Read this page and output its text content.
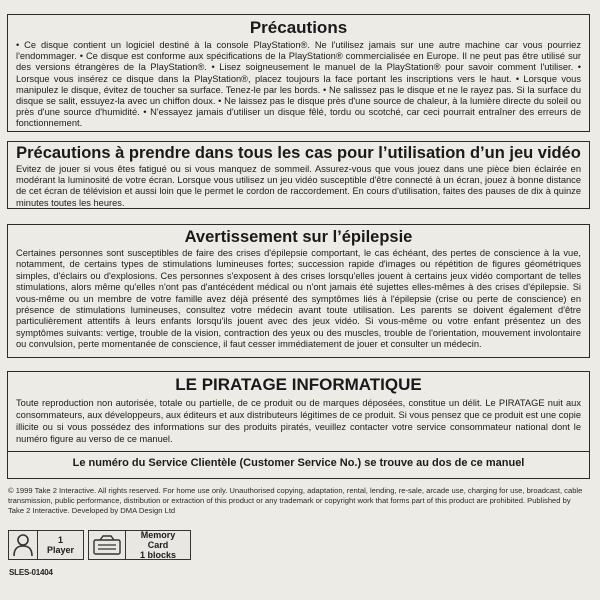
Précautions

• Ce disque contient un logiciel destiné à la console PlayStation®. Ne l'utilisez jamais sur une autre machine car vous pourriez l'endommager. • Ce disque est conforme aux spécifications de la PlayStation® commercialisée en Europe. Il ne peut pas être utilisé sur des versions étrangères de la PlayStation®. • Lisez soigneusement le manuel de la PlayStation® pour savoir comment l'utiliser. • Lorsque vous insérez ce disque dans la PlayStation®, placez toujours la face portant les inscriptions vers le haut. • Lorsque vous manipulez le disque, évitez de toucher sa surface. Tenez-le par les bords. • Ne salissez pas le disque et ne le rayez pas. Si la surface du disque se salit, essuyez-la avec un chiffon doux. • Ne laissez pas le disque près d'une source de chaleur, à la lumière directe du soleil ou près d'une source d'humidité. • N'essayez jamais d'utiliser un disque fêlé, tordu ou scotché, car ceci pourrait entraîner des erreurs de fonctionnement.

Précautions à prendre dans tous les cas pour l’utilisation d’un jeu vidéo

Evitez de jouer si vous êtes fatigué ou si vous manquez de sommeil. Assurez-vous que vous jouez dans une pièce bien éclairée en modérant la luminosité de votre écran. Lorsque vous utilisez un jeu vidéo susceptible d'être connecté à un écran, jouez à bonne distance de cet écran de télévision et aussi loin que le permet le cordon de raccordement. En cours d'utilisation, faites des pauses de dix à quinze minutes toutes les heures.

Avertissement sur l’épilepsie

Certaines personnes sont susceptibles de faire des crises d'épilepsie comportant, le cas échéant, des pertes de conscience à la vue, notamment, de certains types de stimulations lumineuses fortes; succession rapide d'images ou répétition de figures géométriques simples, d'éclairs ou d'explosions. Ces personnes s'exposent à des crises lorsqu'elles jouent à certains jeux vidéo comportant de telles stimulations, alors même qu'elles n'ont pas d'antécédent médical ou n'ont jamais été sujettes elles-mêmes à des crises d'épilepsie. Si vous-même ou un membre de votre famille avez déjà présenté des symptômes liés à l'épilepsie (crise ou perte de conscience) en présence de stimulations lumineuses, consultez votre médecin avant toute utilisation. Les parents se doivent également d'être particulièrement attentifs à leurs enfants lorsqu'ils jouent avec des jeux vidéo. Si vous-même ou votre enfant présentez un des symptômes suivants: vertige, trouble de la vision, contraction des yeux ou des muscles, trouble de l'orientation, mouvement involontaire ou convulsion, perte momentanée de conscience, il faut cesser immédiatement de jouer et consulter un médecin.

LE PIRATAGE INFORMATIQUE

Toute reproduction non autorisée, totale ou partielle, de ce produit ou de marques déposées, constitue un délit. Le PIRATAGE nuit aux consommateurs, aux développeurs, aux éditeurs et aux distributeurs légitimes de ce produit. Si vous pensez que ce produit est une copie illicite ou si vous possédez des informations sur des produits piratés, veuillez contacter votre service consommateur national dont le numéro figure au verso de ce manuel.

Le numéro du Service Clientèle (Customer Service No.) se trouve au dos de ce manuel
© 1999 Take 2 Interactive. All rights reserved. For home use only. Unauthorised copying, adaptation, rental, lending, re-sale, arcade use, charging for use, broadcast, cable transmission, public performance, distribution or extraction of this product or any trademark or copyright work that forms part of this product are prohibited. Published by Take 2 Interactive. Developed by DMA Design Ltd
1
Player
Memory Card
1 blocks
SLES-01404
